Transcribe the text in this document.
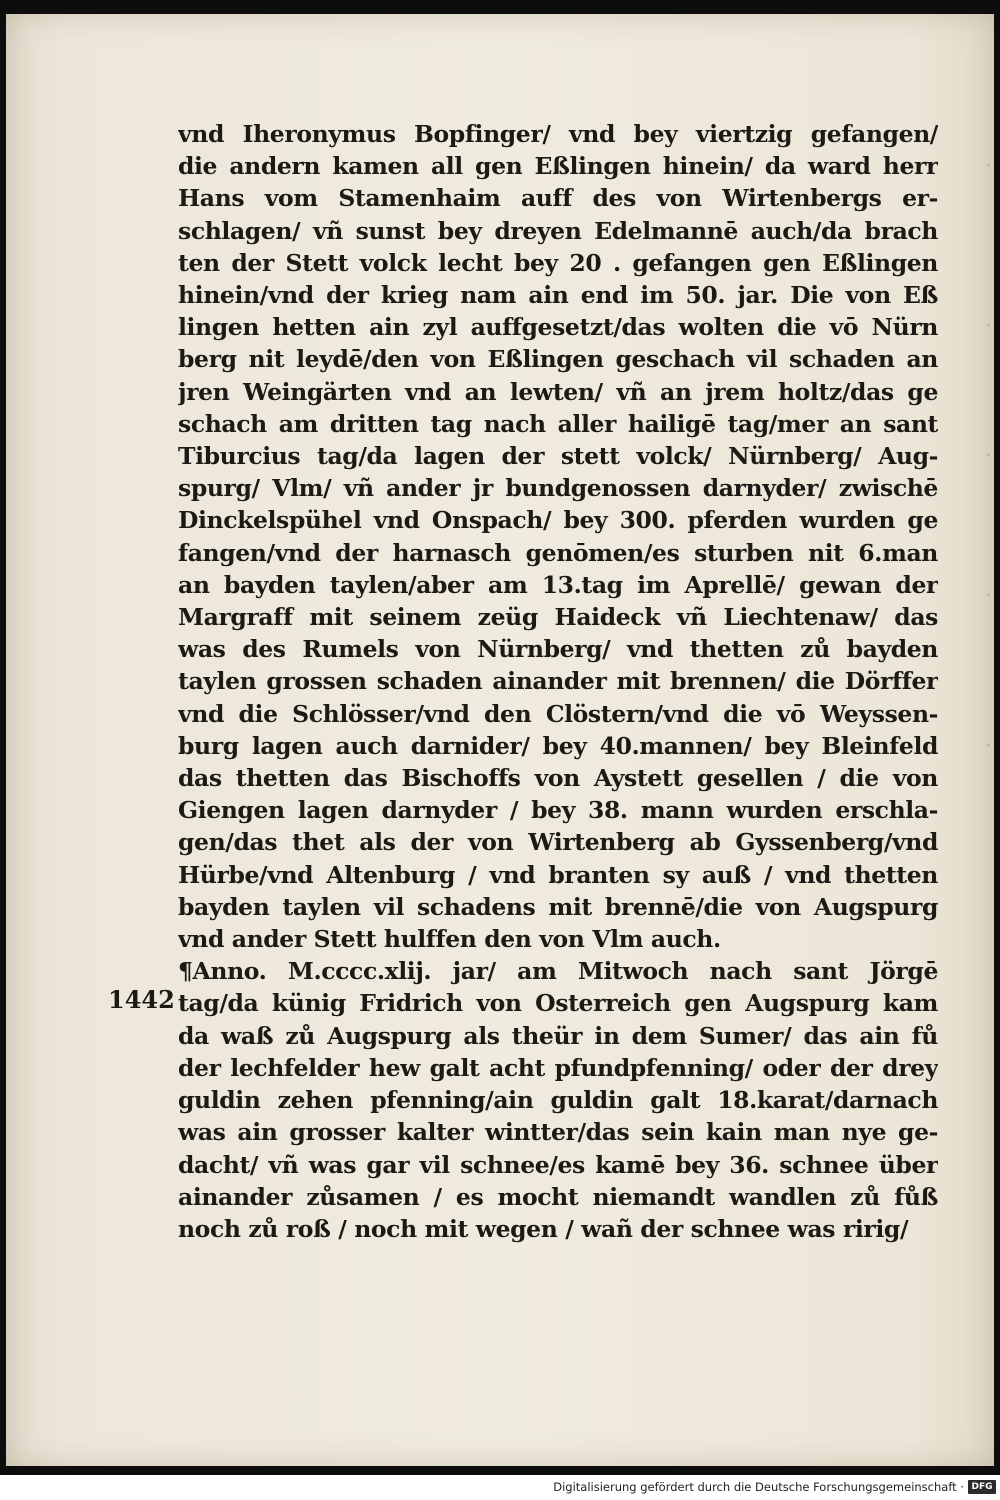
·
·
·
·
·
1442
vnd Iheronymus Bopfinger/ vnd bey viertzig gefangen/
die andern kamen all gen Eßlingen hinein/ da ward herr
Hans vom Stamenhaim auff des von Wirtenbergs er-
schlagen/ vñ sunst bey dreyen Edelmannē auch/da brach
ten der Stett volck lecht bey 20 . gefangen gen Eßlingen
hinein/vnd der krieg nam ain end im 50. jar. Die von Eß
lingen hetten ain zyl auffgesetzt/das wolten die vō Nürn
berg nit leydē/den von Eßlingen geschach vil schaden an
jren Weingärten vnd an lewten/ vñ an jrem holtz/das ge
schach am dritten tag nach aller hailigē tag/mer an sant
Tiburcius tag/da lagen der stett volck/ Nürnberg/ Aug-
spurg/ Vlm/ vñ ander jr bundgenossen darnyder/ zwischē
Dinckelspühel vnd Onspach/ bey 300. pferden wurden ge
fangen/vnd der harnasch genōmen/es sturben nit 6.man
an bayden taylen/aber am 13.tag im Aprellē/ gewan der
Margraff mit seinem zeüg Haideck vñ Liechtenaw/ das
was des Rumels von Nürnberg/ vnd thetten zů bayden
taylen grossen schaden ainander mit brennen/ die Dörffer
vnd die Schlösser/vnd den Clöstern/vnd die vō Weyssen-
burg lagen auch darnider/ bey 40.mannen/ bey Bleinfeld
das thetten das Bischoffs von Aystett gesellen / die von
Giengen lagen darnyder / bey 38. mann wurden erschla-
gen/das thet als der von Wirtenberg ab Gyssenberg/vnd
Hürbe/vnd Altenburg / vnd branten sy auß / vnd thetten
bayden taylen vil schadens mit brennē/die von Augspurg
vnd ander Stett hulffen den von Vlm auch.
¶Anno. M.cccc.xlij. jar/ am Mitwoch nach sant Jörgē
tag/da künig Fridrich von Osterreich gen Augspurg kam
da waß zů Augspurg als theür in dem Sumer/ das ain fů
der lechfelder hew galt acht pfundpfenning/ oder der drey
guldin zehen pfenning/ain guldin galt 18.karat/darnach
was ain grosser kalter wintter/das sein kain man nye ge-
dacht/ vñ was gar vil schnee/es kamē bey 36. schnee über
ainander zůsamen / es mocht niemandt wandlen zů fůß
noch zů roß / noch mit wegen / wañ der schnee was ririg/
Digitalisierung gefördert durch die Deutsche Forschungsgemeinschaft · DFG
